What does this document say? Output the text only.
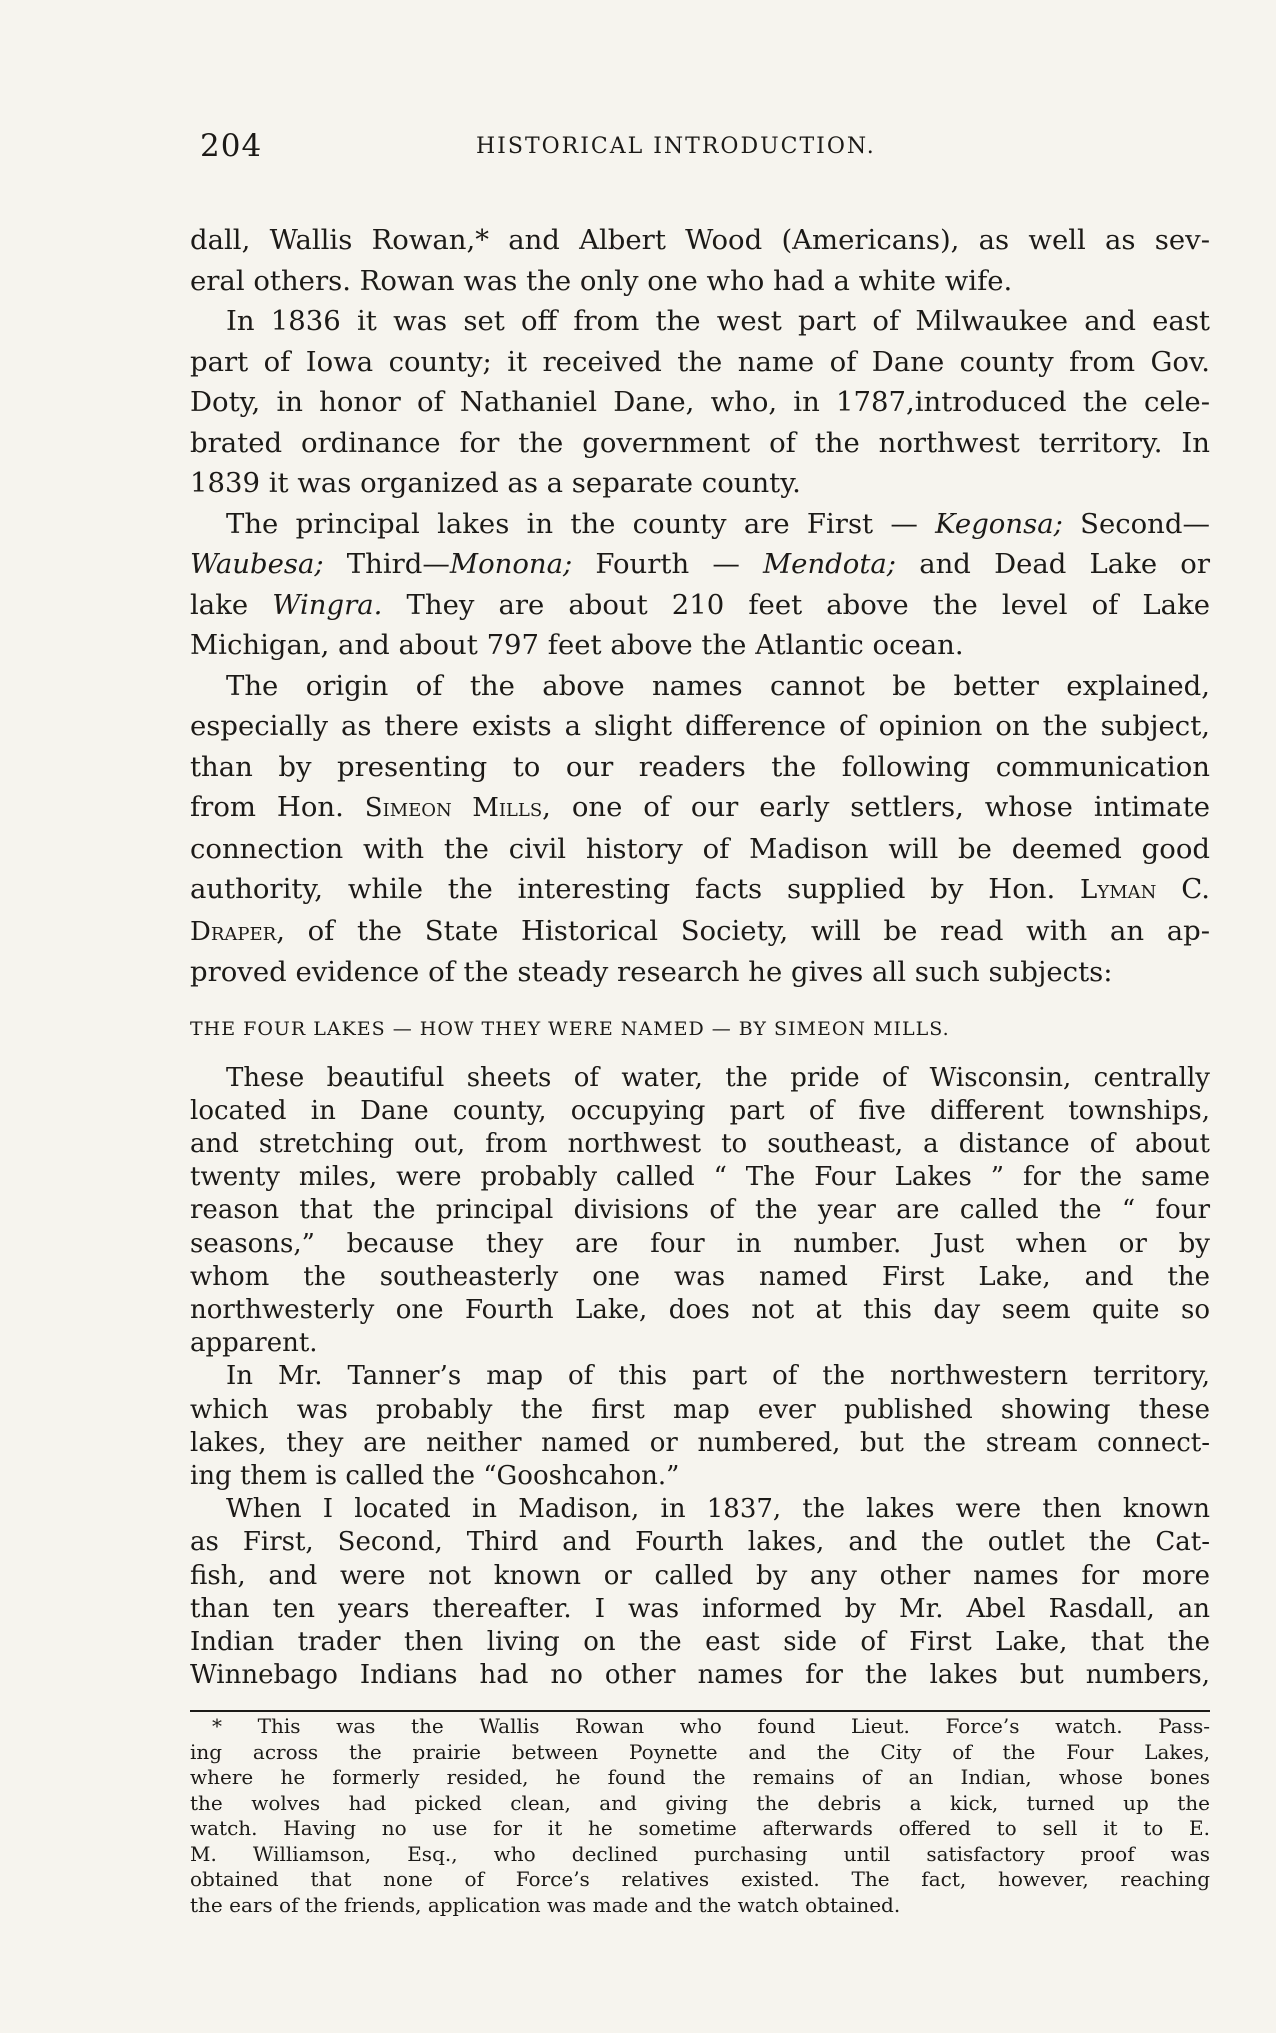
204	HISTORICAL INTRODUCTION.

dall, Wallis Rowan,* and Albert Wood (Americans), as well as sev-

eral others. Rowan was the only one who had a white wife.

In 1836 it was set off from the west part of Milwaukee and east

part of Iowa county; it received the name of Dane county from Gov.

Doty, in honor of Nathaniel Dane, who, in 1787,introduced the cele-

brated ordinance for the government of the northwest territory. In

1839 it was organized as a separate county.

The principal lakes in the county are First — Kegonsa; Second—

Waubesa; Third—Monona; Fourth — Mendota; and Dead Lake or

lake Wingra. They are about 210 feet above the level of Lake

Michigan, and about 797 feet above the Atlantic ocean.

The origin of the above names cannot be better explained,

especially as there exists a slight difference of opinion on the subject,

than by presenting to our readers the following communication

from Hon. Simeon Mills, one of our early settlers, whose intimate

connection with the civil history of Madison will be deemed good

authority, while the interesting facts supplied by Hon. Lyman C.

Draper, of the State Historical Society, will be read with an ap-

proved evidence of the steady research he gives all such subjects:

THE FOUR LAKES — HOW THEY WERE NAMED — BY SIMEON MILLS.

These beautiful sheets of water, the pride of Wisconsin, centrally

located in Dane county, occupying part of five different townships,

and stretching out, from northwest to southeast, a distance of about

twenty miles, were probably called “ The Four Lakes ” for the same

reason that the principal divisions of the year are called the “ four

seasons,” because they are four in number. Just when or by

whom the southeasterly one was named First Lake, and the

northwesterly one Fourth Lake, does not at this day seem quite so

apparent.

In Mr. Tanner’s map of this part of the northwestern territory,

which was probably the first map ever published showing these

lakes, they are neither named or numbered, but the stream connect-

ing them is called the “Gooshcahon.”

When I located in Madison, in 1837, the lakes were then known

as First, Second, Third and Fourth lakes, and the outlet the Cat-

fish, and were not known or called by any other names for more

than ten years thereafter. I was informed by Mr. Abel Rasdall, an

Indian trader then living on the east side of First Lake, that the

Winnebago Indians had no other names for the lakes but numbers,

* This was the Wallis Rowan who found Lieut. Force’s watch. Pass-

ing across the prairie between Poynette and the City of the Four Lakes,

where he formerly resided, he found the remains of an Indian, whose bones

the wolves had picked clean, and giving the debris a kick, turned up the

watch. Having no use for it he sometime afterwards offered to sell it to E.

M. Williamson, Esq., who declined purchasing until satisfactory proof was

obtained that none of Force’s relatives existed. The fact, however, reaching

the ears of the friends, application was made and the watch obtained.
